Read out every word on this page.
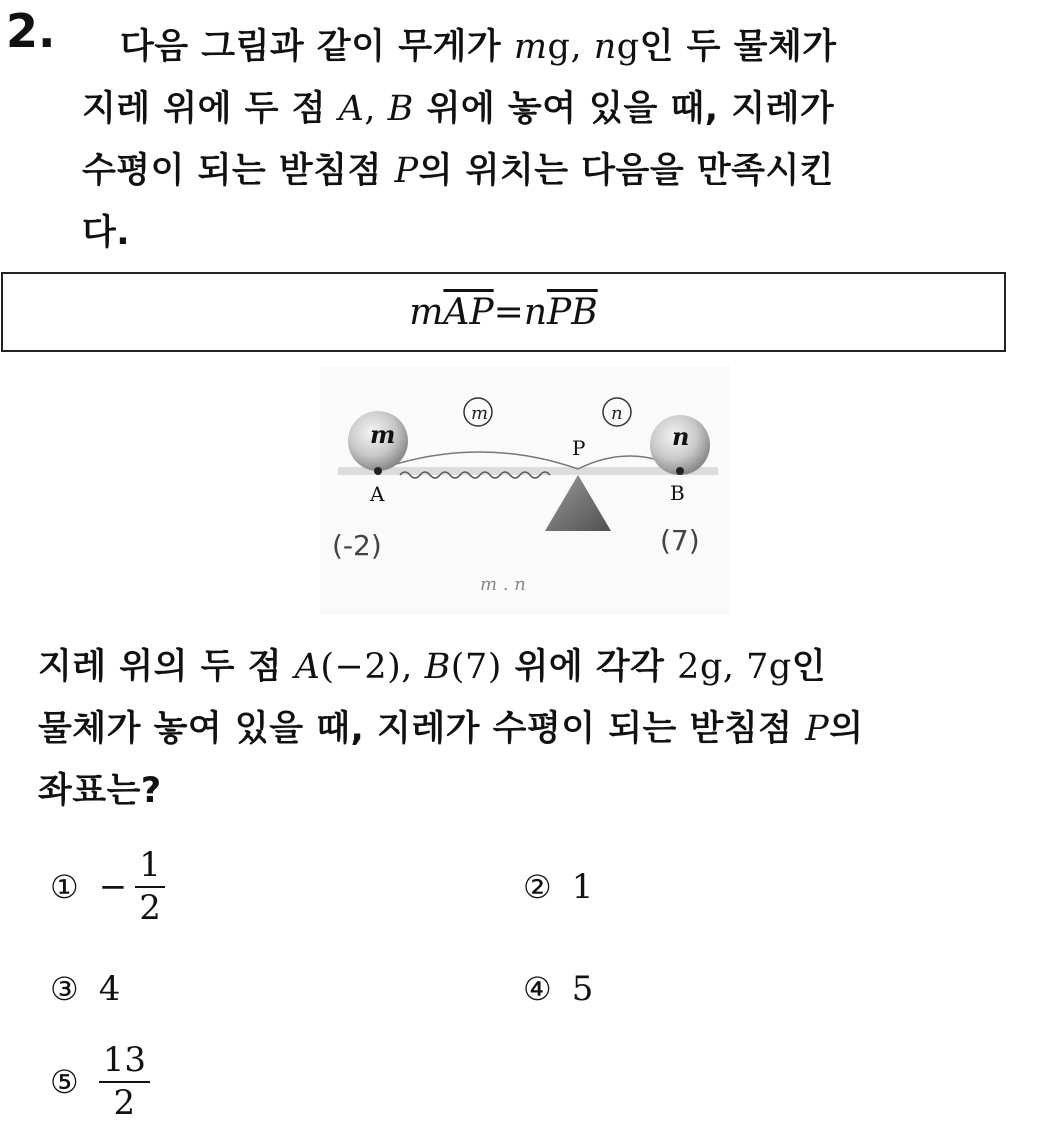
2.	다음 그림과 같이 무게가 mg, ng인 두 물체가
지레 위에 두 점 A, B 위에 놓여 있을 때, 지레가
수평이 되는 받침점 P의 위치는 다음을 만족시킨
다.
m $\overline{AP} = n$ $\overline{PB}$
m	n
m	n
P
A	B
(-2)	(7)
m . n
지레 위의 두 점 A(−2), B(7) 위에 각각 2g, 7g인
물체가 놓여 있을 때, 지레가 수평이 되는 받침점 P의
좌표는?
① − $\frac{1}{2}$	② 1
③ 4	④ 5
⑤ $\frac{13}{2}$
